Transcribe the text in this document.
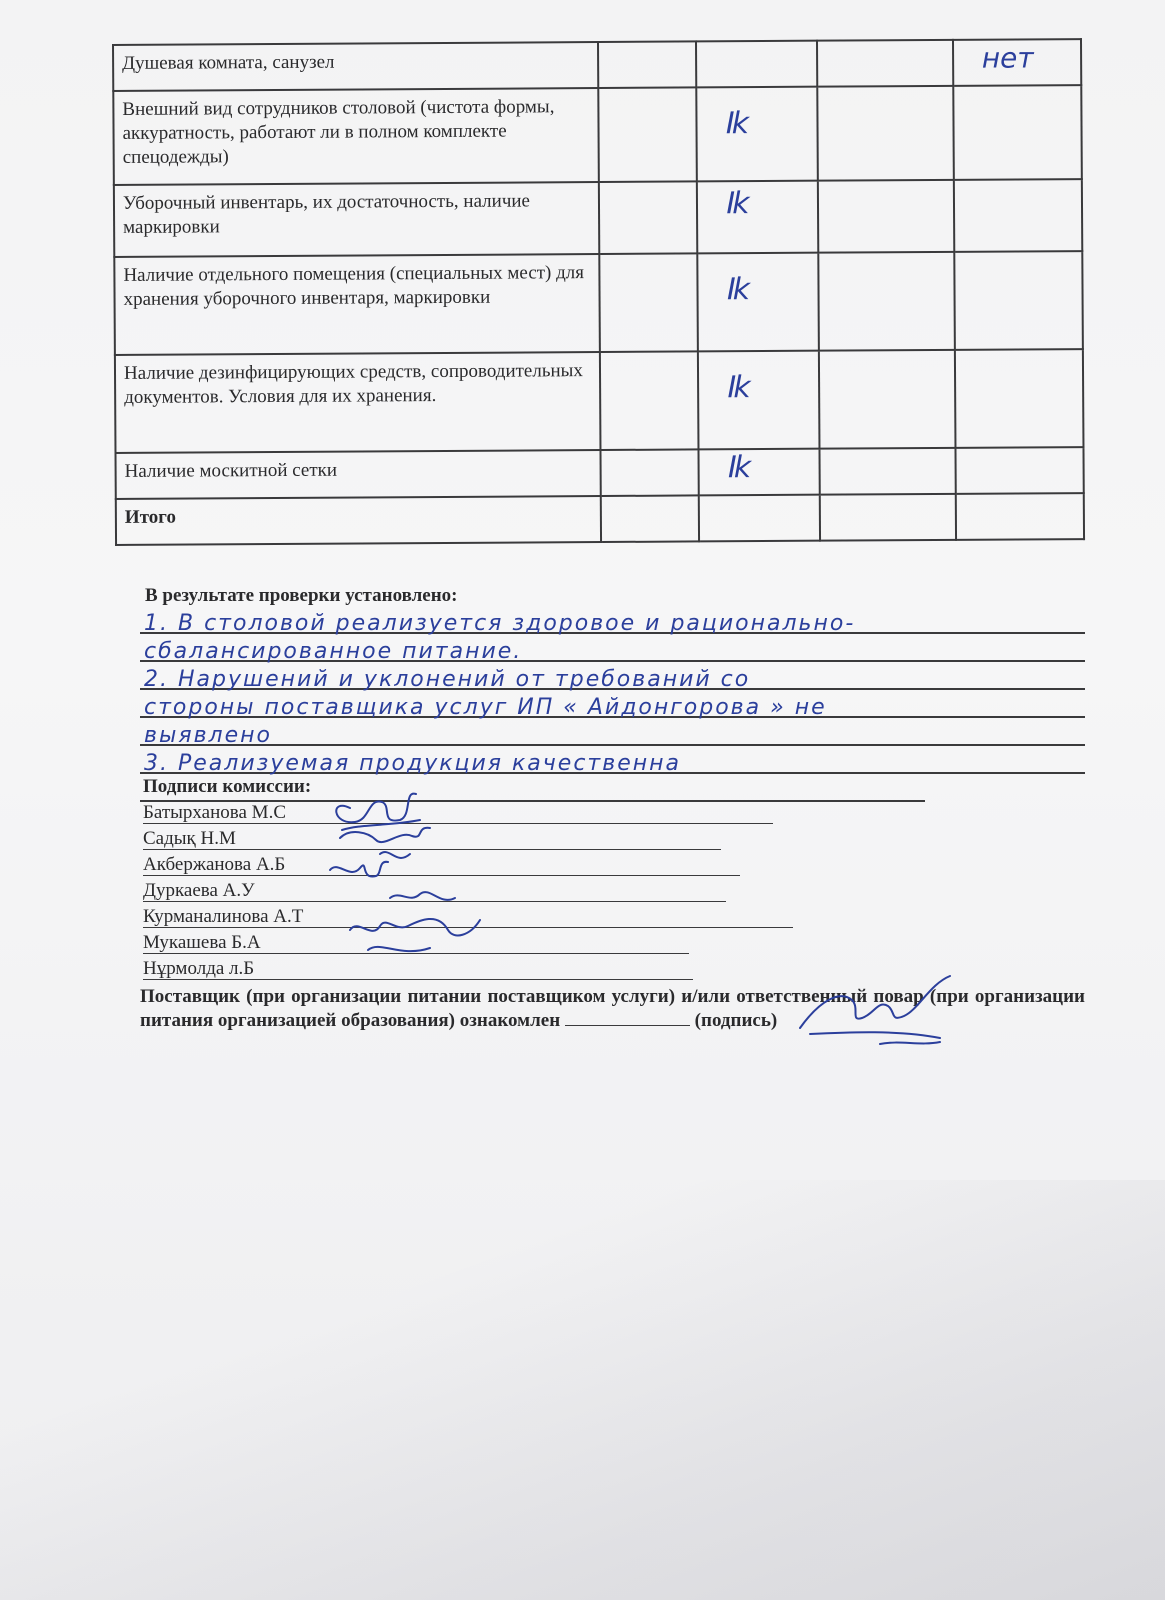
Душевая комната, санузел				нет

Внешний вид сотрудников столовой (чистота формы, аккуратность, работают ли в полном комплекте спецодежды)		Ik		

Уборочный инвентарь, их достаточность, наличие маркировки		Ik		

Наличие отдельного помещения (специальных мест) для хранения уборочного инвентаря, маркировки		Ik		

Наличие дезинфицирующих средств, сопроводительных документов. Условия для их хранения.		Ik		

Наличие москитной сетки		Ik		

Итого				
В результате проверки установлено:
1. В столовой реализуется здоровое и рационально-
сбалансированное питание.
2. Нарушений и уклонений от требований со
стороны поставщика услуг ИП « Айдонгорова » не
выявлено
3. Реализуемая продукция качественна
Подписи комиссии:
Батырханова М.С
Садық Н.М
Акбержанова А.Б
Дуркаева А.У
Курманалинова А.Т
Мукашева Б.А
Нұрмолда л.Б
Поставщик (при организации питании поставщиком услуги) и/или ответственный повар (при организации питания организацией образования) ознакомлен	(подпись)
